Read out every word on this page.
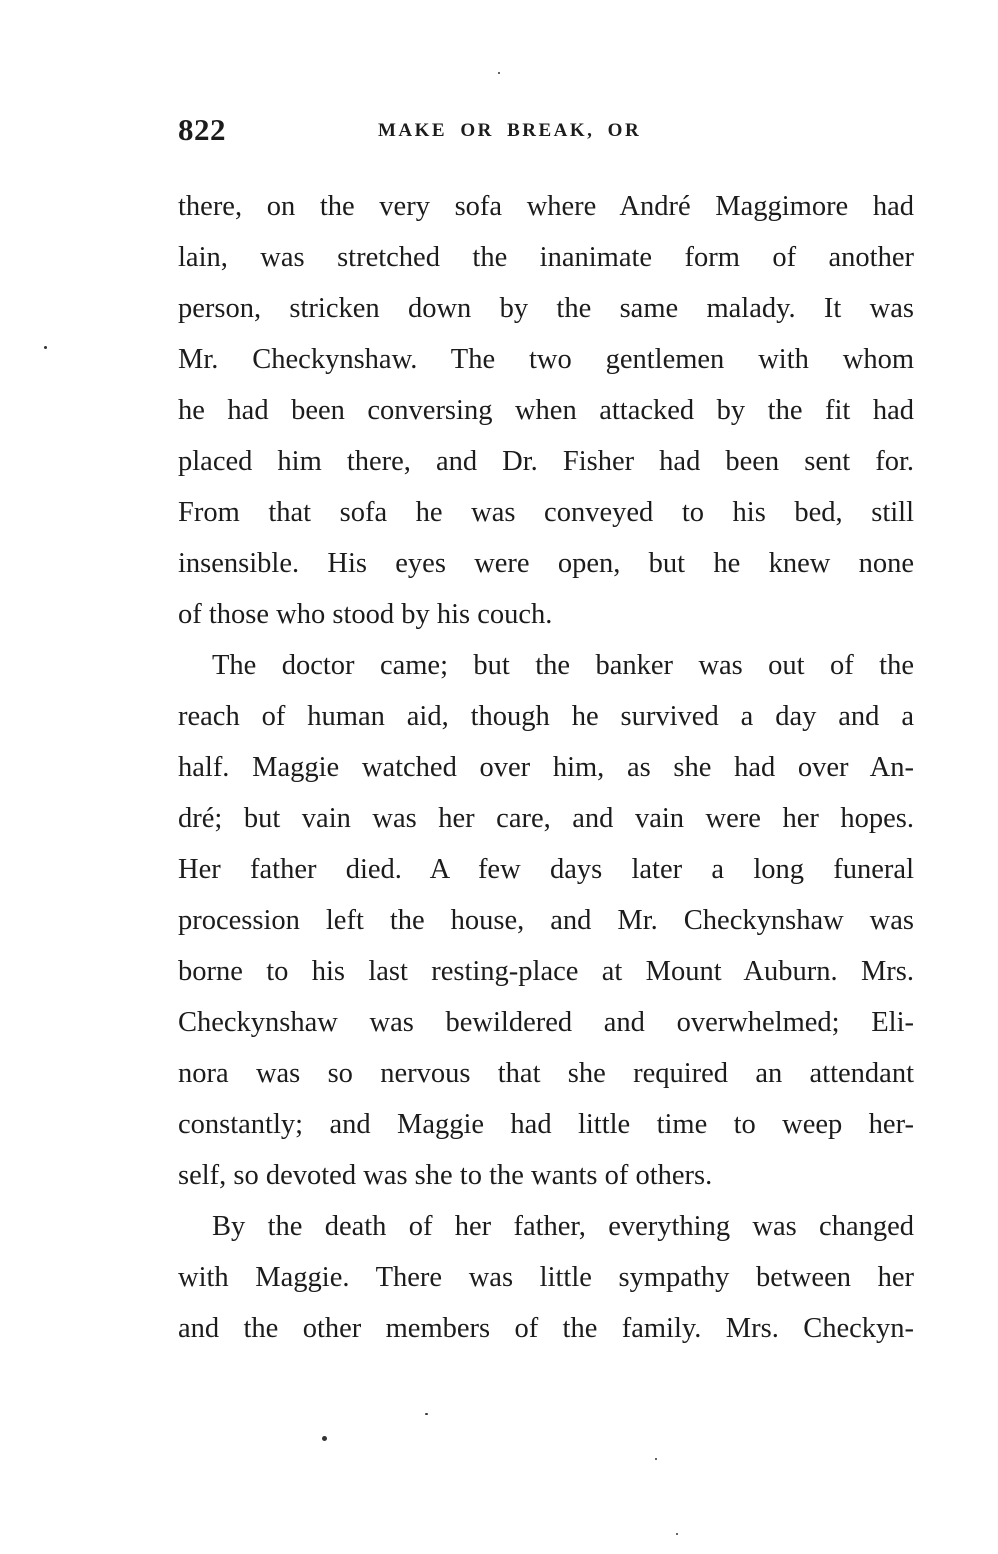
822	MAKE OR BREAK, OR
there, on the very sofa where André Maggimore had
lain, was stretched the inanimate form of another
person, stricken down by the same malady. It was
Mr. Checkynshaw. The two gentlemen with whom
he had been conversing when attacked by the fit had
placed him there, and Dr. Fisher had been sent for.
From that sofa he was conveyed to his bed, still
insensible. His eyes were open, but he knew none
of those who stood by his couch.
The doctor came; but the banker was out of the
reach of human aid, though he survived a day and a
half. Maggie watched over him, as she had over An-
dré; but vain was her care, and vain were her hopes.
Her father died. A few days later a long funeral
procession left the house, and Mr. Checkynshaw was
borne to his last resting-place at Mount Auburn. Mrs.
Checkynshaw was bewildered and overwhelmed; Eli-
nora was so nervous that she required an attendant
constantly; and Maggie had little time to weep her-
self, so devoted was she to the wants of others.
By the death of her father, everything was changed
with Maggie. There was little sympathy between her
and the other members of the family. Mrs. Checkyn-
